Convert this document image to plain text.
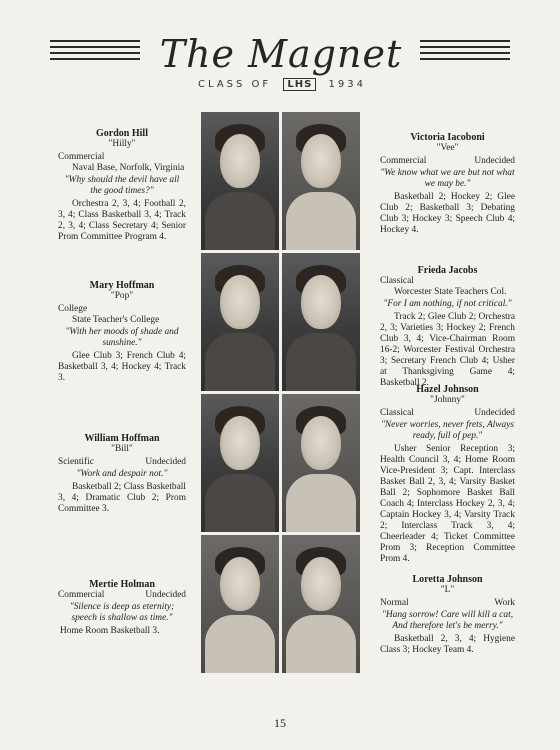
The Magnet
CLASS OF LHS 1934
Gordon Hill
"Hilly"
Commercial
Naval Base, Norfolk, Virginia
"Why should the devil have all the good times?"
Orchestra 2, 3, 4; Football 2, 3, 4; Class Basketball 3, 4; Track 2, 3, 4; Class Secretary 4; Senior Prom Committee Program 4.
Mary Hoffman
"Pop"
College
State Teacher's College
"With her moods of shade and sunshine."
Glee Club 3; French Club 4; Basketball 3, 4; Hockey 4; Track 3.
William Hoffman
"Bill"
Scientific	Undecided
"Work and despair not."
Basketball 2; Class Basketball 3, 4; Dramatic Club 2; Prom Committee 3.
Mertie Holman
Commercial	Undecided
"Silence is deep as eternity; speech is shallow as time."
Home Room Basketball 3.
Victoria Iacoboni
"Vee"
Commercial	Undecided
"We know what we are but not what we may be."
Basketball 2; Hockey 2; Glee Club 2; Basketball 3; Debating Club 3; Hockey 3; Speech Club 4; Hockey 4.
Frieda Jacobs
Classical
Worcester State Teachers Col.
"For I am nothing, if not critical."
Track 2; Glee Club 2; Orchestra 2, 3; Varieties 3; Hockey 2; French Club 3, 4; Vice-Chairman Room 16-2; Worcester Festival Orchestra 3; Secretary French Club 4; Usher at Thanksgiving Game 4; Basketball 2.
Hazel Johnson
"Johnny"
Classical	Undecided
"Never worries, never frets, Always ready, full of pep."
Usher Senior Reception 3; Health Council 3, 4; Home Room Vice-President 3; Capt. Interclass Basket Ball 2, 3, 4; Varsity Basket Ball 2; Sophomore Basket Ball Coach 4; Interclass Hockey 2, 3, 4; Captain Hockey 3, 4; Varsity Track 2; Interclass Track 3, 4; Cheerleader 4; Ticket Committee Prom 3; Reception Committee Prom 4.
Loretta Johnson
"L"
Normal	Work
"Hang sorrow! Care will kill a cat, And therefore let's be merry."
Basketball 2, 3, 4; Hygiene Class 3; Hockey Team 4.
15
